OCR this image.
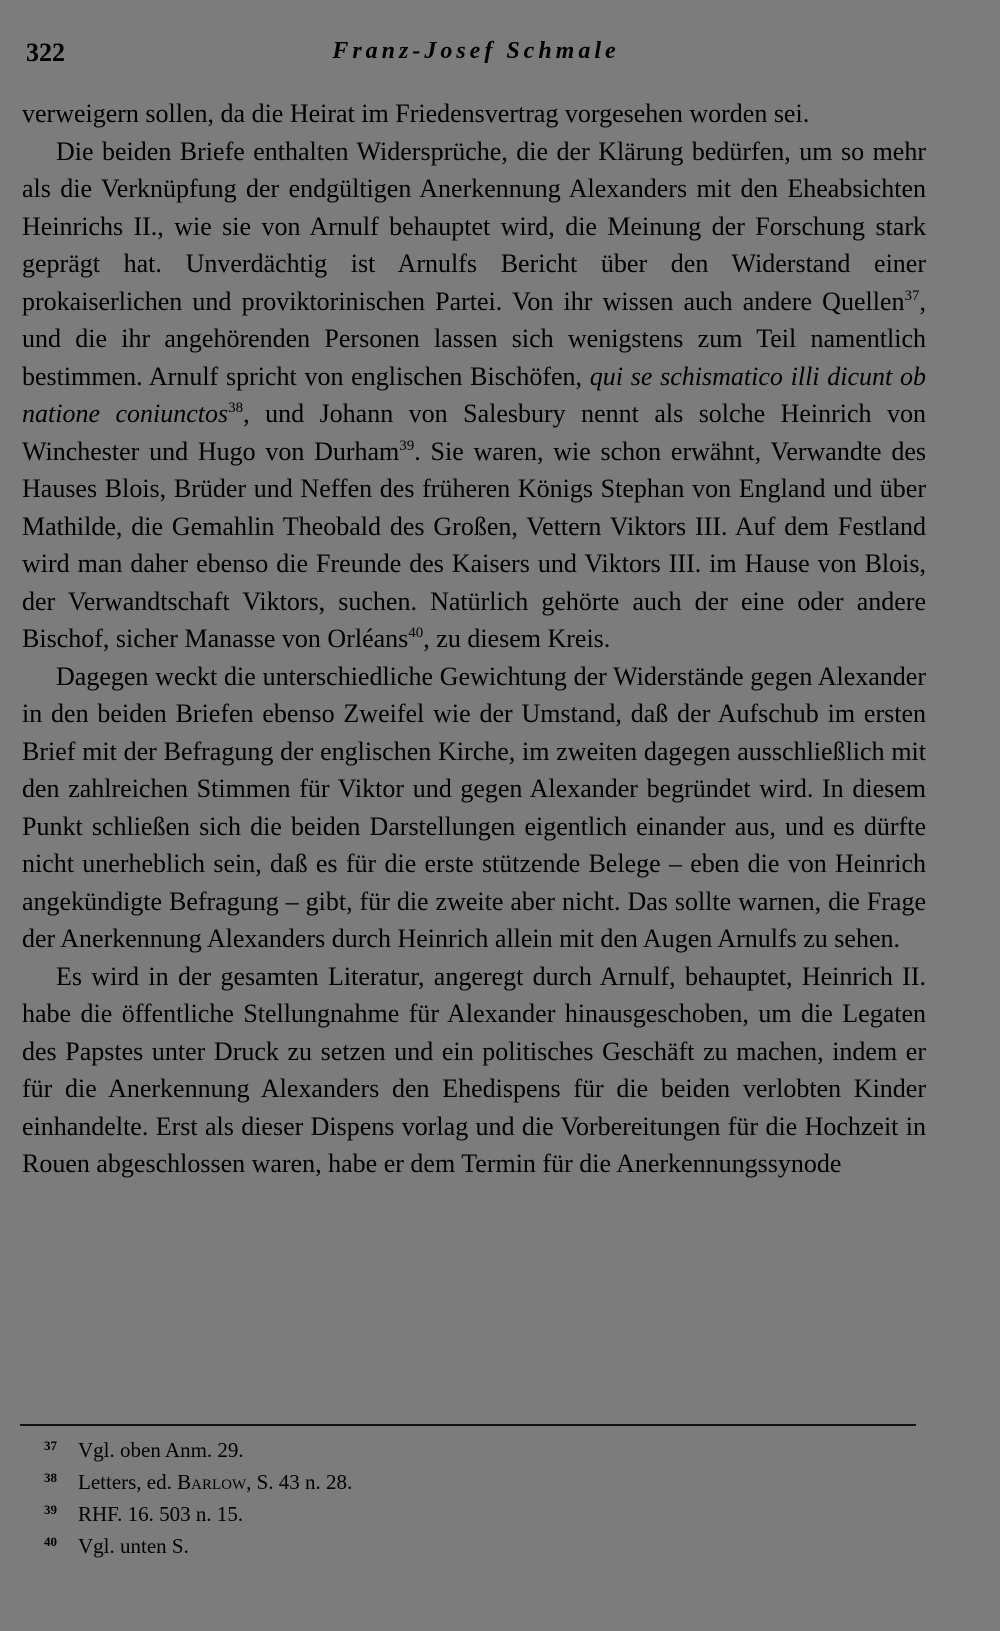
322	Franz-Josef Schmale

verweigern sollen, da die Heirat im Friedensvertrag vorgesehen worden sei.

Die beiden Briefe enthalten Widersprüche, die der Klärung bedürfen, um so mehr als die Verknüpfung der endgültigen Anerkennung Alexanders mit den Eheabsichten Heinrichs II., wie sie von Arnulf behauptet wird, die Meinung der Forschung stark geprägt hat. Unverdächtig ist Arnulfs Bericht über den Widerstand einer prokaiserlichen und proviktorinischen Partei. Von ihr wissen auch andere Quellen$^{37}$, und die ihr angehörenden Personen lassen sich wenigstens zum Teil namentlich bestimmen. Arnulf spricht von englischen Bischöfen, qui se schismatico illi dicunt ob natione coniunctos$^{38}$, und Johann von Salesbury nennt als solche Heinrich von Winchester und Hugo von Durham$^{39}$. Sie waren, wie schon erwähnt, Verwandte des Hauses Blois, Brüder und Neffen des früheren Königs Stephan von England und über Mathilde, die Gemahlin Theobald des Großen, Vettern Viktors III. Auf dem Festland wird man daher ebenso die Freunde des Kaisers und Viktors III. im Hause von Blois, der Verwandtschaft Viktors, suchen. Natürlich gehörte auch der eine oder andere Bischof, sicher Manasse von Orléans$^{40}$, zu diesem Kreis.

Dagegen weckt die unterschiedliche Gewichtung der Widerstände gegen Alexander in den beiden Briefen ebenso Zweifel wie der Umstand, daß der Aufschub im ersten Brief mit der Befragung der englischen Kirche, im zweiten dagegen ausschließlich mit den zahlreichen Stimmen für Viktor und gegen Alexander begründet wird. In diesem Punkt schließen sich die beiden Darstellungen eigentlich einander aus, und es dürfte nicht unerheblich sein, daß es für die erste stützende Belege – eben die von Heinrich angekündigte Befragung – gibt, für die zweite aber nicht. Das sollte warnen, die Frage der Anerkennung Alexanders durch Heinrich allein mit den Augen Arnulfs zu sehen.

Es wird in der gesamten Literatur, angeregt durch Arnulf, behauptet, Heinrich II. habe die öffentliche Stellungnahme für Alexander hinausgeschoben, um die Legaten des Papstes unter Druck zu setzen und ein politisches Geschäft zu machen, indem er für die Anerkennung Alexanders den Ehedispens für die beiden verlobten Kinder einhandelte. Erst als dieser Dispens vorlag und die Vorbereitungen für die Hochzeit in Rouen abgeschlossen waren, habe er dem Termin für die Anerkennungssynode

37 Vgl. oben Anm. 29.
38 Letters, ed. Barlow, S. 43 n. 28.
39 RHF. 16. 503 n. 15.
40 Vgl. unten S.
